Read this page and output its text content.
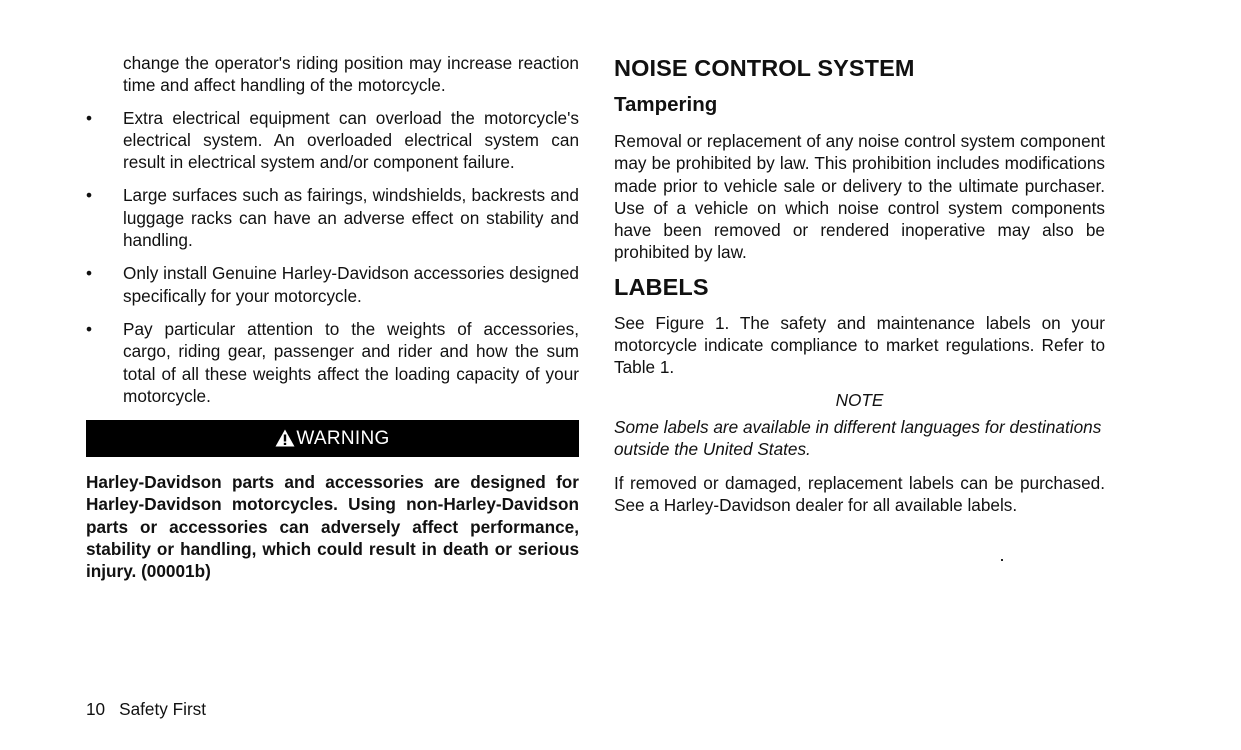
change the operator's riding position may increase reaction time and affect handling of the motorcycle.

• Extra electrical equipment can overload the motorcycle's electrical system. An overloaded electrical system can result in electrical system and/or component failure.
• Large surfaces such as fairings, windshields, backrests and luggage racks can have an adverse effect on stability and handling.
• Only install Genuine Harley-Davidson accessories designed specifically for your motorcycle.
• Pay particular attention to the weights of accessories, cargo, riding gear, passenger and rider and how the sum total of all these weights affect the loading capacity of your motorcycle.
WARNING

Harley-Davidson parts and accessories are designed for Harley-Davidson motorcycles. Using non-Harley-Davidson parts or accessories can adversely affect performance, stability or handling, which could result in death or serious injury. (00001b)

NOISE CONTROL SYSTEM
Tampering

Removal or replacement of any noise control system component may be prohibited by law. This prohibition includes modifications made prior to vehicle sale or delivery to the ultimate purchaser. Use of a vehicle on which noise control system components have been removed or rendered inoperative may also be prohibited by law.

LABELS

See Figure 1. The safety and maintenance labels on your motorcycle indicate compliance to market regulations. Refer to Table 1.

NOTE

Some labels are available in different languages for destinations outside the United States.

If removed or damaged, replacement labels can be purchased. See a Harley-Davidson dealer for all available labels.

10 Safety First
